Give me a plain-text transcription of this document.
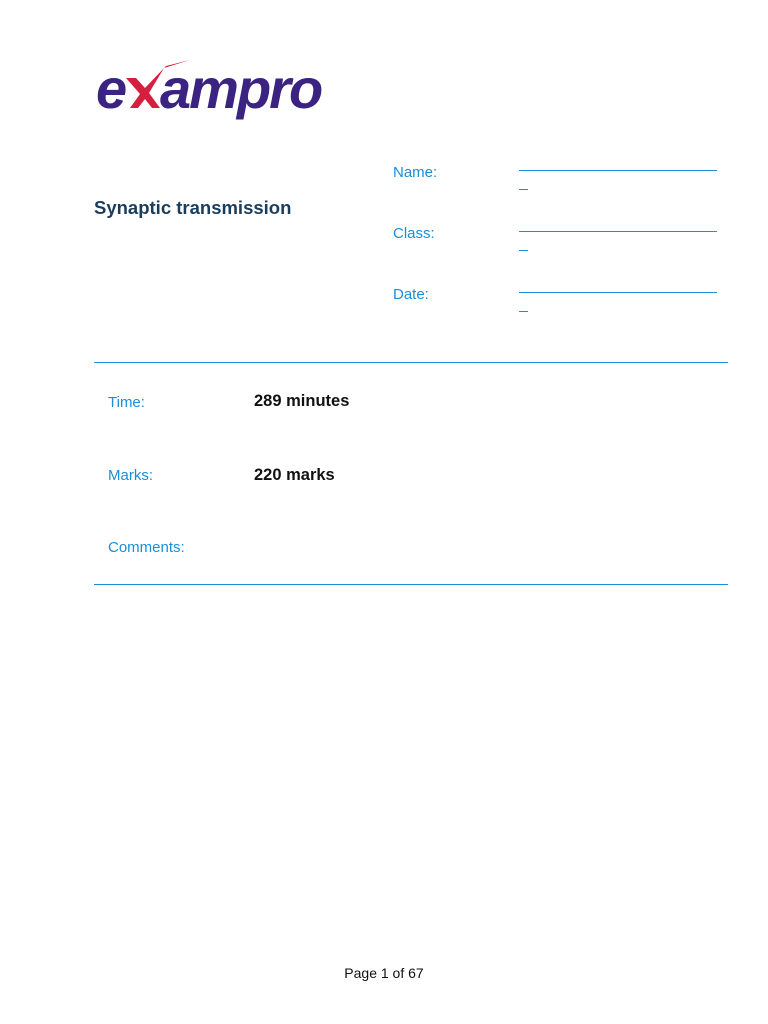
e ampro
Synaptic transmission
Name:
Class:
Date:
Time:	289 minutes
Marks:	220 marks
Comments:
Page 1 of 67
